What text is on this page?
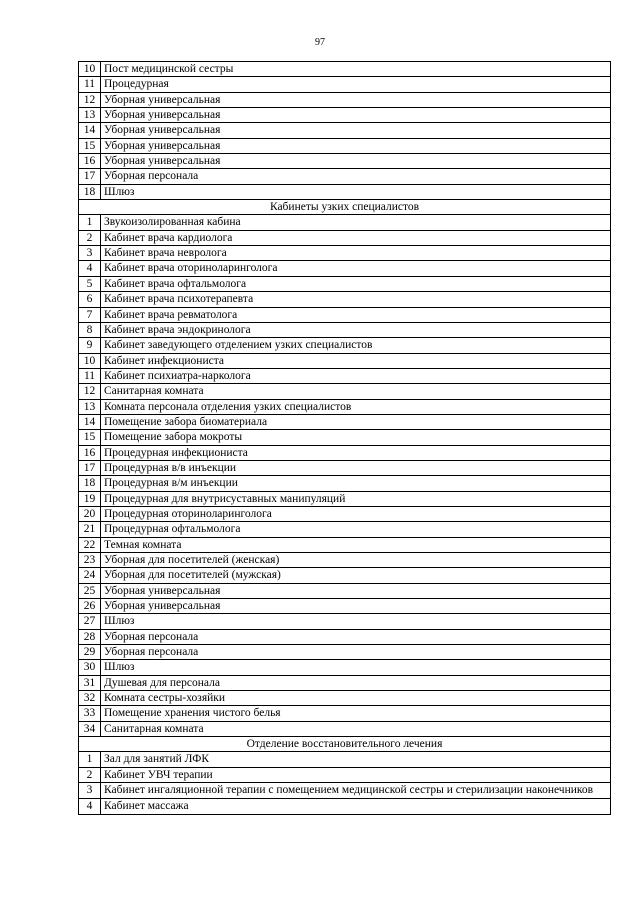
97
10	Пост медицинской сестры
11	Процедурная
12	Уборная универсальная
13	Уборная универсальная
14	Уборная универсальная
15	Уборная универсальная
16	Уборная универсальная
17	Уборная персонала
18	Шлюз
Кабинеты узких специалистов	
1	Звукоизолированная кабина
2	Кабинет врача кардиолога
3	Кабинет врача невролога
4	Кабинет врача оториноларинголога
5	Кабинет врача офтальмолога
6	Кабинет врача психотерапевта
7	Кабинет врача ревматолога
8	Кабинет врача эндокринолога
9	Кабинет заведующего отделением узких специалистов
10	Кабинет инфекциониста
11	Кабинет психиатра-нарколога
12	Санитарная комната
13	Комната персонала отделения узких специалистов
14	Помещение забора биоматериала
15	Помещение забора мокроты
16	Процедурная инфекциониста
17	Процедурная в/в инъекции
18	Процедурная в/м инъекции
19	Процедурная для внутрисуставных манипуляций
20	Процедурная оториноларинголога
21	Процедурная офтальмолога
22	Темная комната
23	Уборная для посетителей (женская)
24	Уборная для посетителей (мужская)
25	Уборная универсальная
26	Уборная универсальная
27	Шлюз
28	Уборная персонала
29	Уборная персонала
30	Шлюз
31	Душевая для персонала
32	Комната сестры-хозяйки
33	Помещение хранения чистого белья
34	Санитарная комната
Отделение восстановительного лечения	
1	Зал для занятий ЛФК
2	Кабинет УВЧ терапии
3	Кабинет ингаляционной терапии с помещением медицинской сестры и стерилизации наконечников
4	Кабинет массажа
